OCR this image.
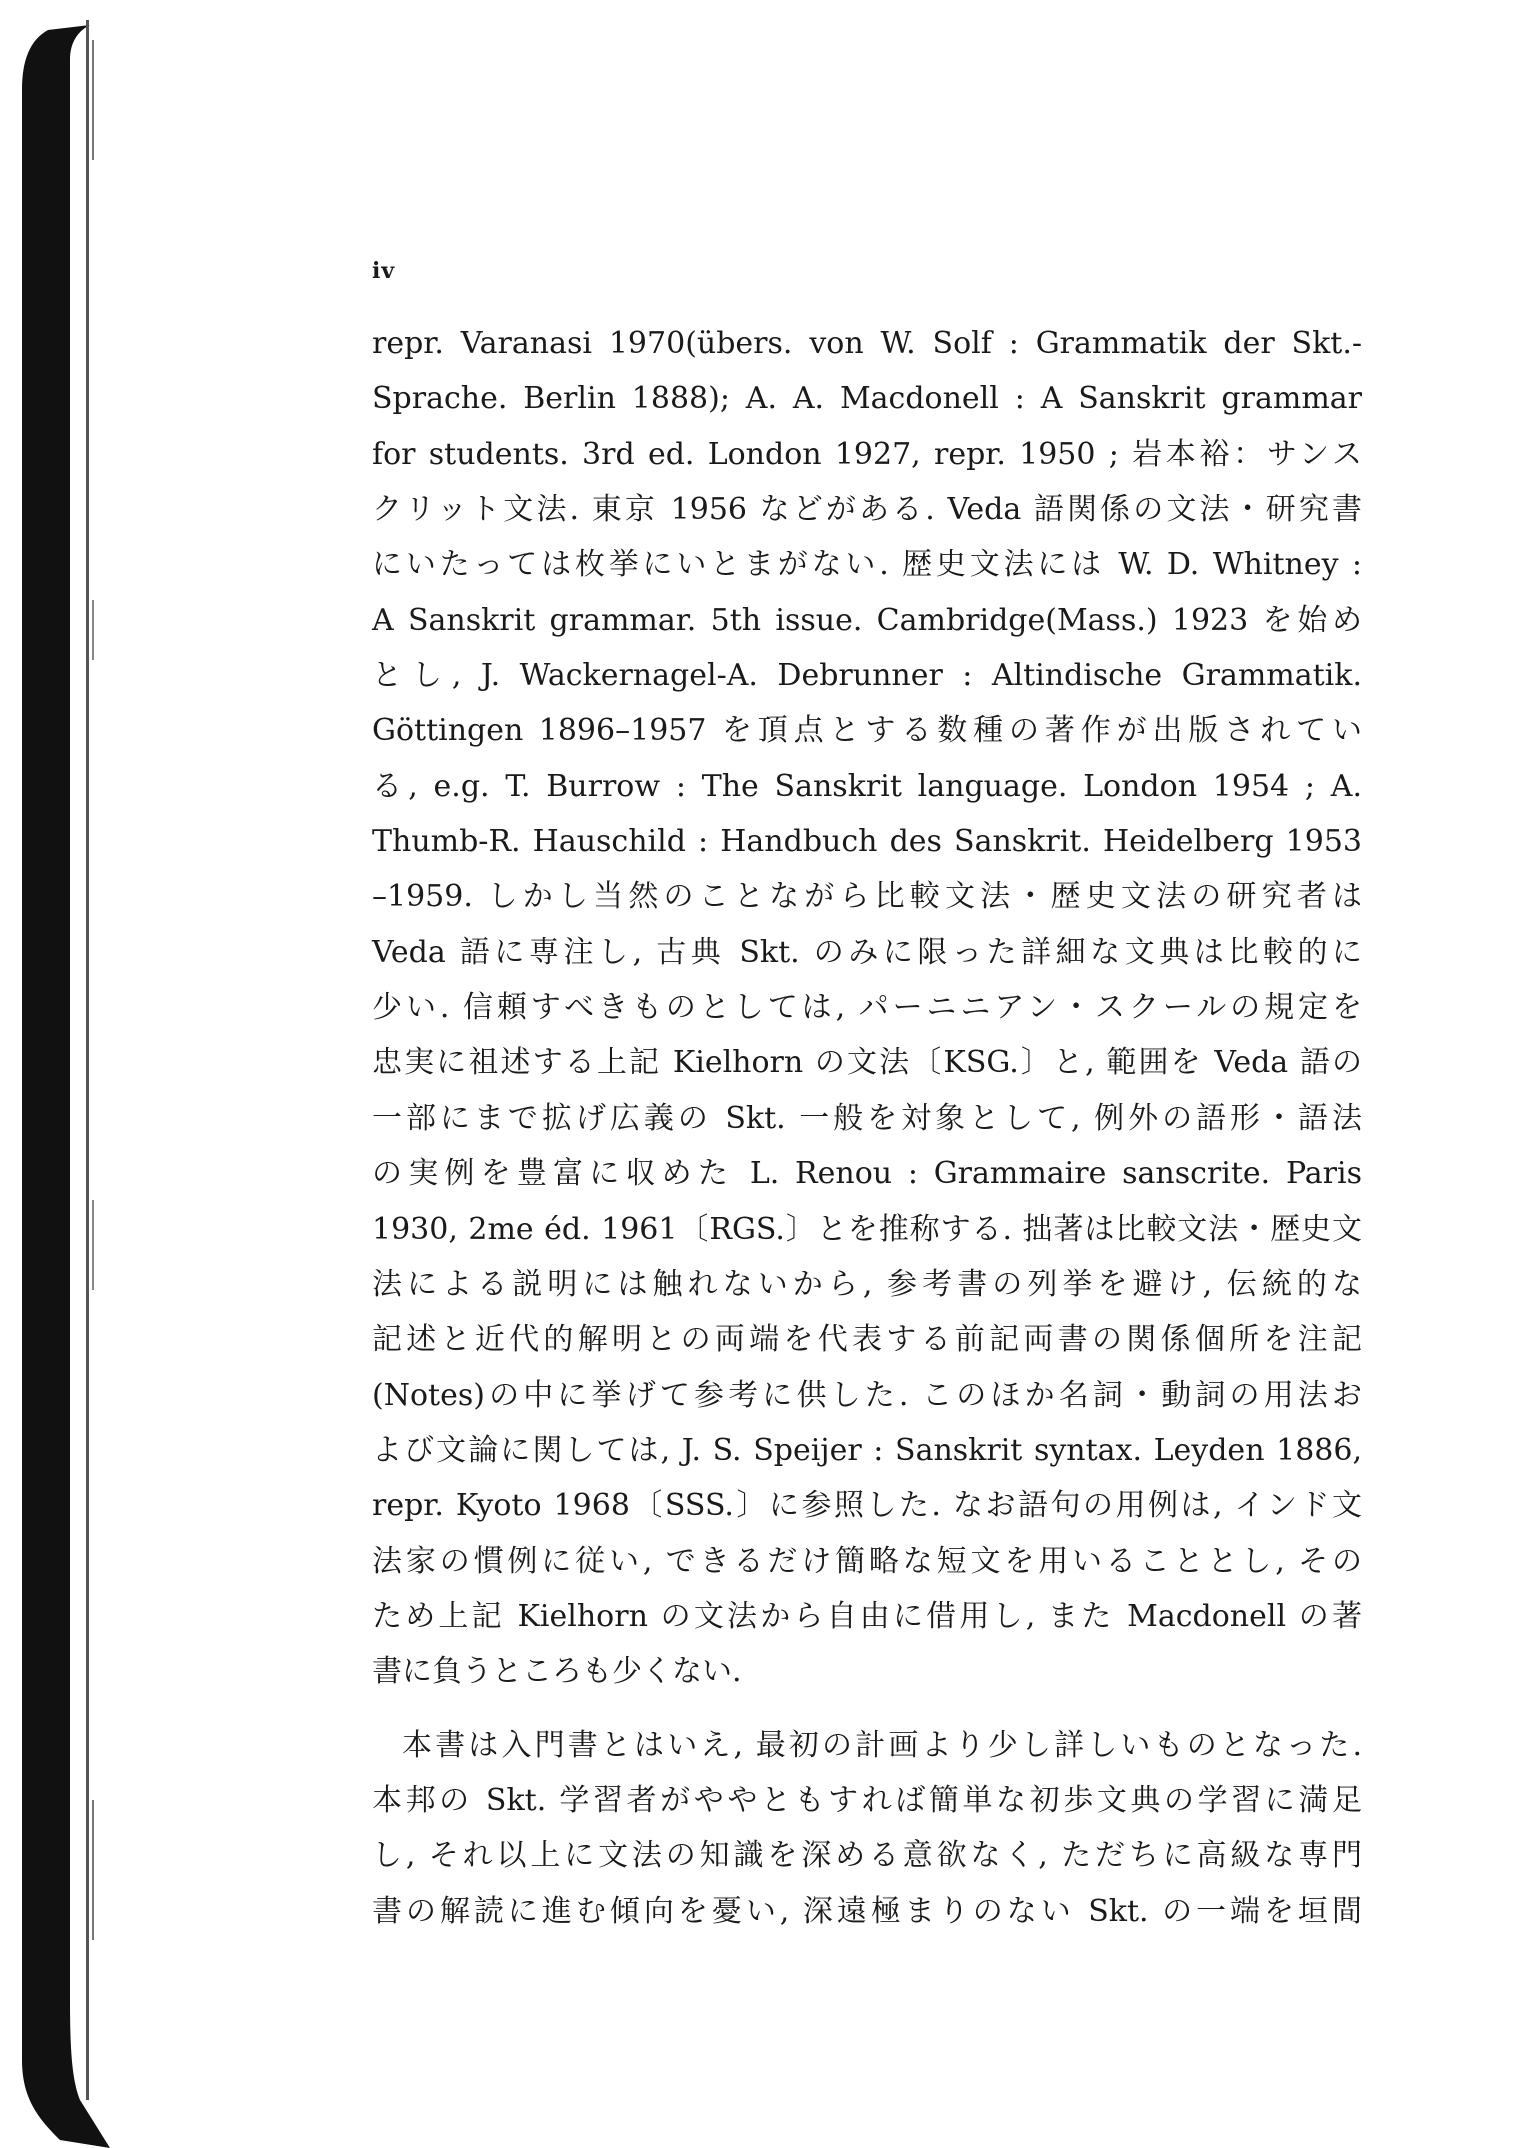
iv
repr. Varanasi 1970(übers. von W. Solf : Grammatik der Skt.-
Sprache. Berlin 1888); A. A. Macdonell : A Sanskrit grammar
for students. 3rd ed. London 1927, repr. 1950 ; 岩本裕：サンス
クリット文法. 東京 1956 などがある. Veda 語関係の文法・研究書
にいたっては枚挙にいとまがない. 歴史文法には W. D. Whitney :
A Sanskrit grammar. 5th issue. Cambridge(Mass.) 1923 を始め
とし, J. Wackernagel-A. Debrunner : Altindische Grammatik.
Göttingen 1896–1957 を頂点とする数種の著作が出版されてい
る, e.g. T. Burrow : The Sanskrit language. London 1954 ; A.
Thumb-R. Hauschild : Handbuch des Sanskrit. Heidelberg 1953
–1959. しかし当然のことながら比較文法・歴史文法の研究者は
Veda 語に専注し, 古典 Skt. のみに限った詳細な文典は比較的に
少い. 信頼すべきものとしては, パーニニアン・スクールの規定を
忠実に祖述する上記 Kielhorn の文法〔KSG.〕と, 範囲を Veda 語の
一部にまで拡げ広義の Skt. 一般を対象として, 例外の語形・語法
の実例を豊富に収めた L. Renou : Grammaire sanscrite. Paris
1930, 2me éd. 1961〔RGS.〕とを推称する. 拙著は比較文法・歴史文
法による説明には触れないから, 参考書の列挙を避け, 伝統的な
記述と近代的解明との両端を代表する前記両書の関係個所を注記
(Notes)の中に挙げて参考に供した. このほか名詞・動詞の用法お
よび文論に関しては, J. S. Speijer : Sanskrit syntax. Leyden 1886,
repr. Kyoto 1968〔SSS.〕に参照した. なお語句の用例は, インド文
法家の慣例に従い, できるだけ簡略な短文を用いることとし, その
ため上記 Kielhorn の文法から自由に借用し, また Macdonell の著
書に負うところも少くない.
本書は入門書とはいえ, 最初の計画より少し詳しいものとなった.
本邦の Skt. 学習者がややともすれば簡単な初歩文典の学習に満足
し, それ以上に文法の知識を深める意欲なく, ただちに高級な専門
書の解読に進む傾向を憂い, 深遠極まりのない Skt. の一端を垣間
